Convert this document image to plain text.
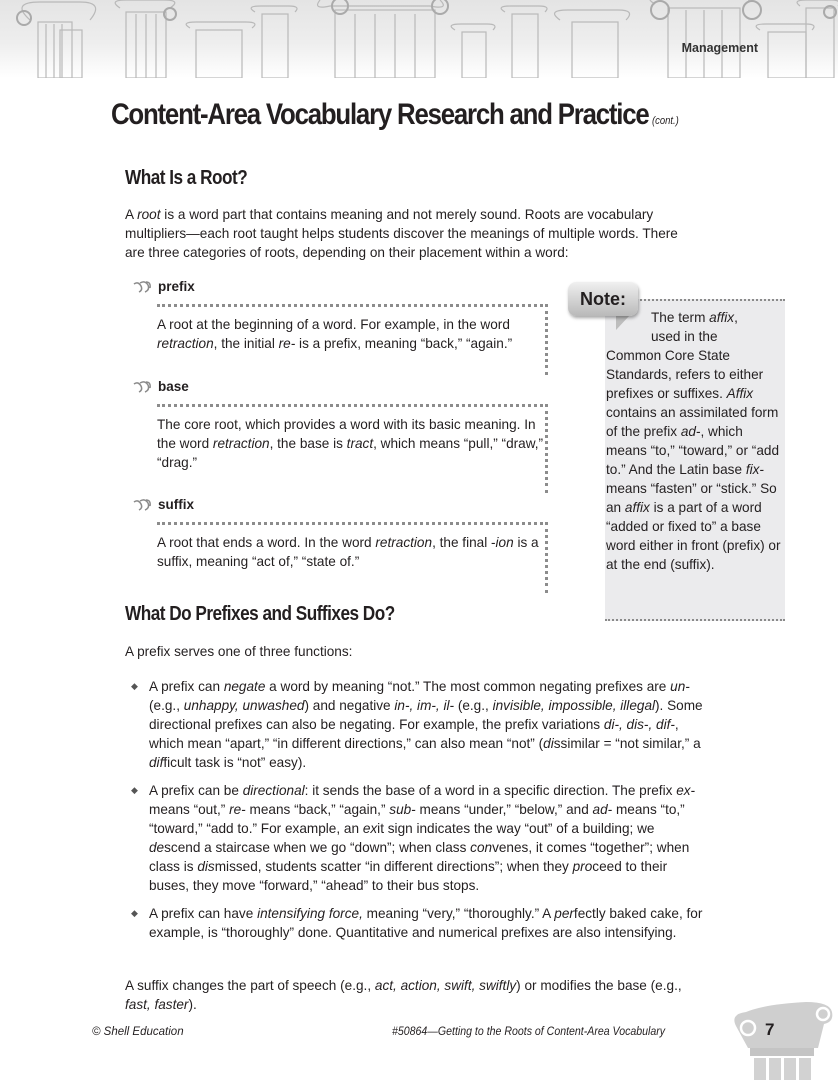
Management
Content-Area Vocabulary Research and Practice (cont.)
What Is a Root?
A root is a word part that contains meaning and not merely sound. Roots are vocabulary multipliers—each root taught helps students discover the meanings of multiple words. There are three categories of roots, depending on their placement within a word:
prefix
A root at the beginning of a word. For example, in the word retraction, the initial re- is a prefix, meaning “back,” “again.”
base
The core root, which provides a word with its basic meaning. In the word retraction, the base is tract, which means “pull,” “draw,” “drag.”
suffix
A root that ends a word. In the word retraction, the final -ion is a suffix, meaning “act of,” “state of.”
Note:
The term affix,
used in the
Common Core State Standards, refers to either prefixes or suffixes. Affix contains an assimilated form of the prefix ad-, which means “to,” “toward,” or “add to.” And the Latin base fix- means “fasten” or “stick.” So an affix is a part of a word “added or fixed to” a base word either in front (prefix) or at the end (suffix).
What Do Prefixes and Suffixes Do?
A prefix serves one of three functions:
◆ A prefix can negate a word by meaning “not.” The most common negating prefixes are un- (e.g., unhappy, unwashed) and negative in-, im-, il- (e.g., invisible, impossible, illegal). Some directional prefixes can also be negating. For example, the prefix variations di-, dis-, dif-, which mean “apart,” “in different directions,” can also mean “not” (dissimilar = “not similar,” a difficult task is “not” easy).
◆ A prefix can be directional: it sends the base of a word in a specific direction. The prefix ex- means “out,” re- means “back,” “again,” sub- means “under,” “below,” and ad- means “to,” “toward,” “add to.” For example, an exit sign indicates the way “out” of a building; we descend a staircase when we go “down”; when class convenes, it comes “together”; when class is dismissed, students scatter “in different directions”; when they proceed to their buses, they move “forward,” “ahead” to their bus stops.
◆ A prefix can have intensifying force, meaning “very,” “thoroughly.” A perfectly baked cake, for example, is “thoroughly” done. Quantitative and numerical prefixes are also intensifying.
A suffix changes the part of speech (e.g., act, action, swift, swiftly) or modifies the base (e.g., fast, faster).
© Shell Education	#50864—Getting to the Roots of Content-Area Vocabulary	7
